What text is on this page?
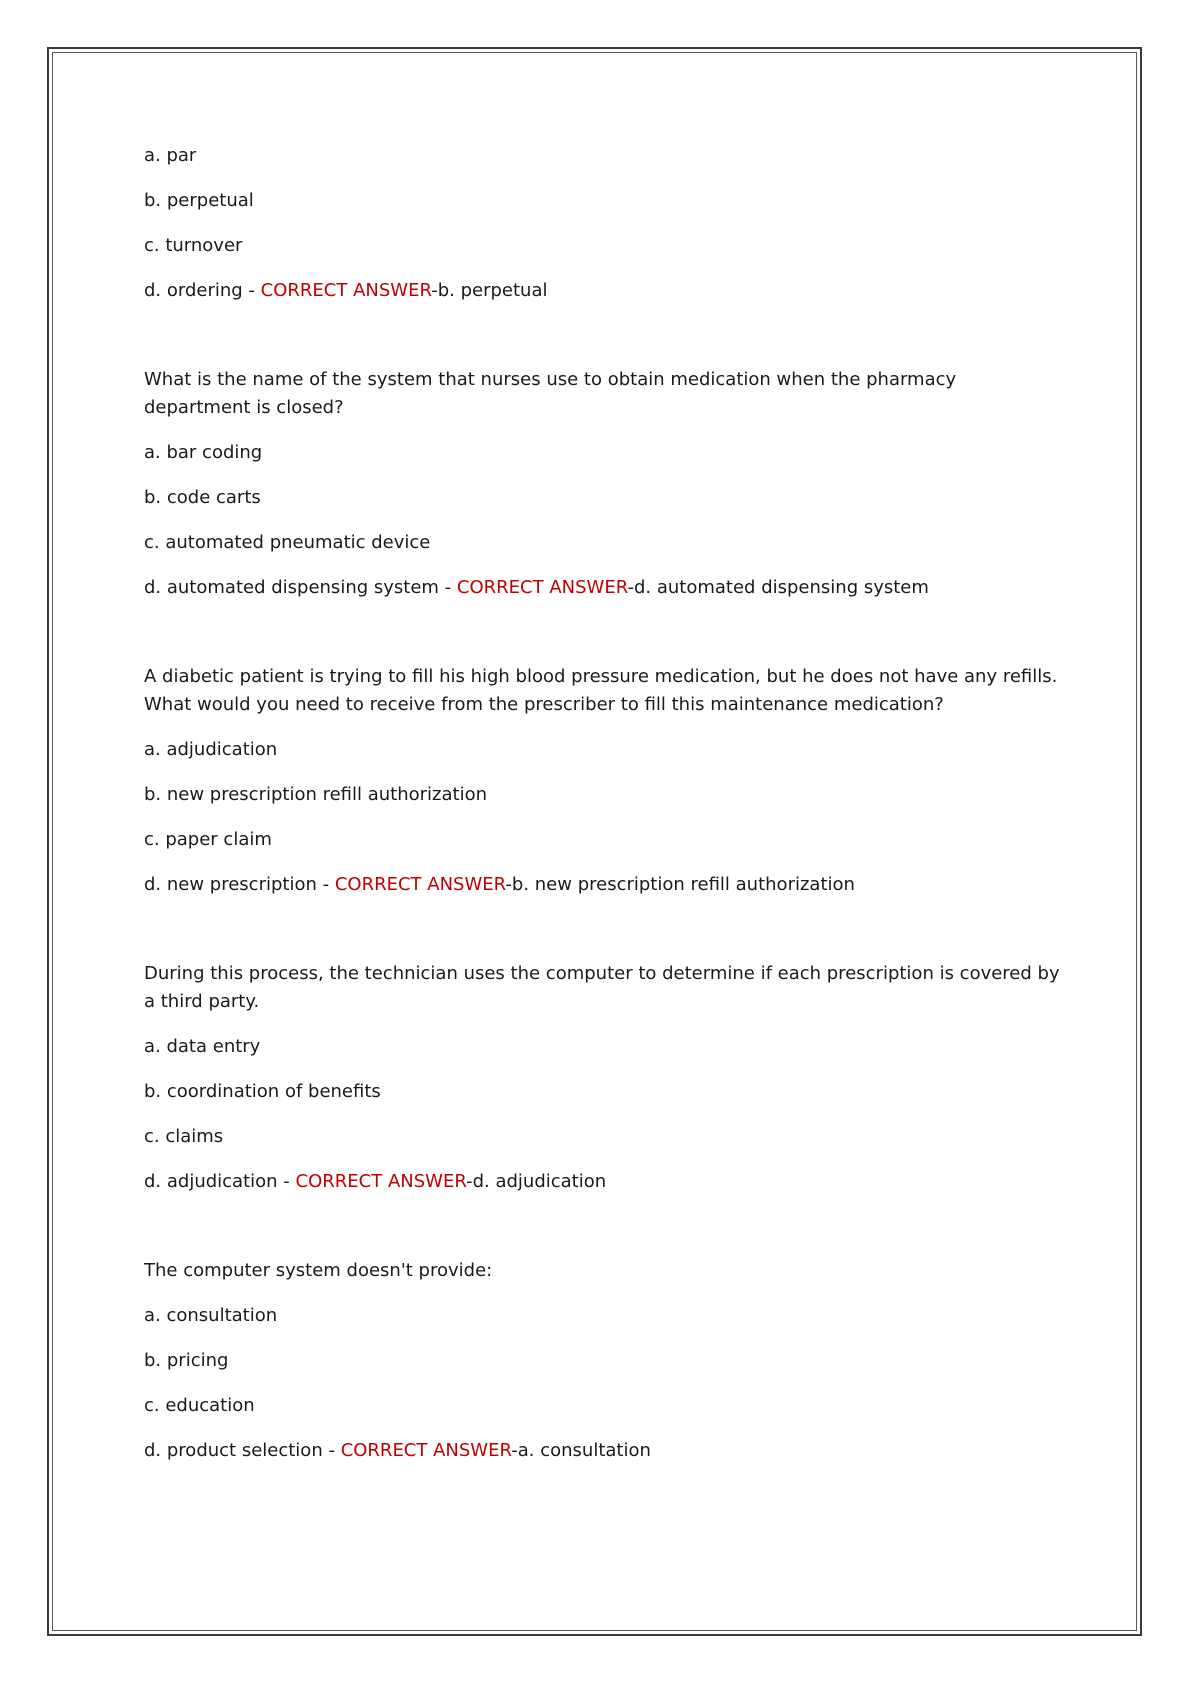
a. par

b. perpetual

c. turnover

d. ordering - CORRECT ANSWER-b. perpetual

What is the name of the system that nurses use to obtain medication when the pharmacy department is closed?

a. bar coding

b. code carts

c. automated pneumatic device

d. automated dispensing system - CORRECT ANSWER-d. automated dispensing system

A diabetic patient is trying to fill his high blood pressure medication, but he does not have any refills. What would you need to receive from the prescriber to fill this maintenance medication?

a. adjudication

b. new prescription refill authorization

c. paper claim

d. new prescription - CORRECT ANSWER-b. new prescription refill authorization

During this process, the technician uses the computer to determine if each prescription is covered by a third party.

a. data entry

b. coordination of benefits

c. claims

d. adjudication - CORRECT ANSWER-d. adjudication

The computer system doesn't provide:

a. consultation

b. pricing

c. education

d. product selection - CORRECT ANSWER-a. consultation
